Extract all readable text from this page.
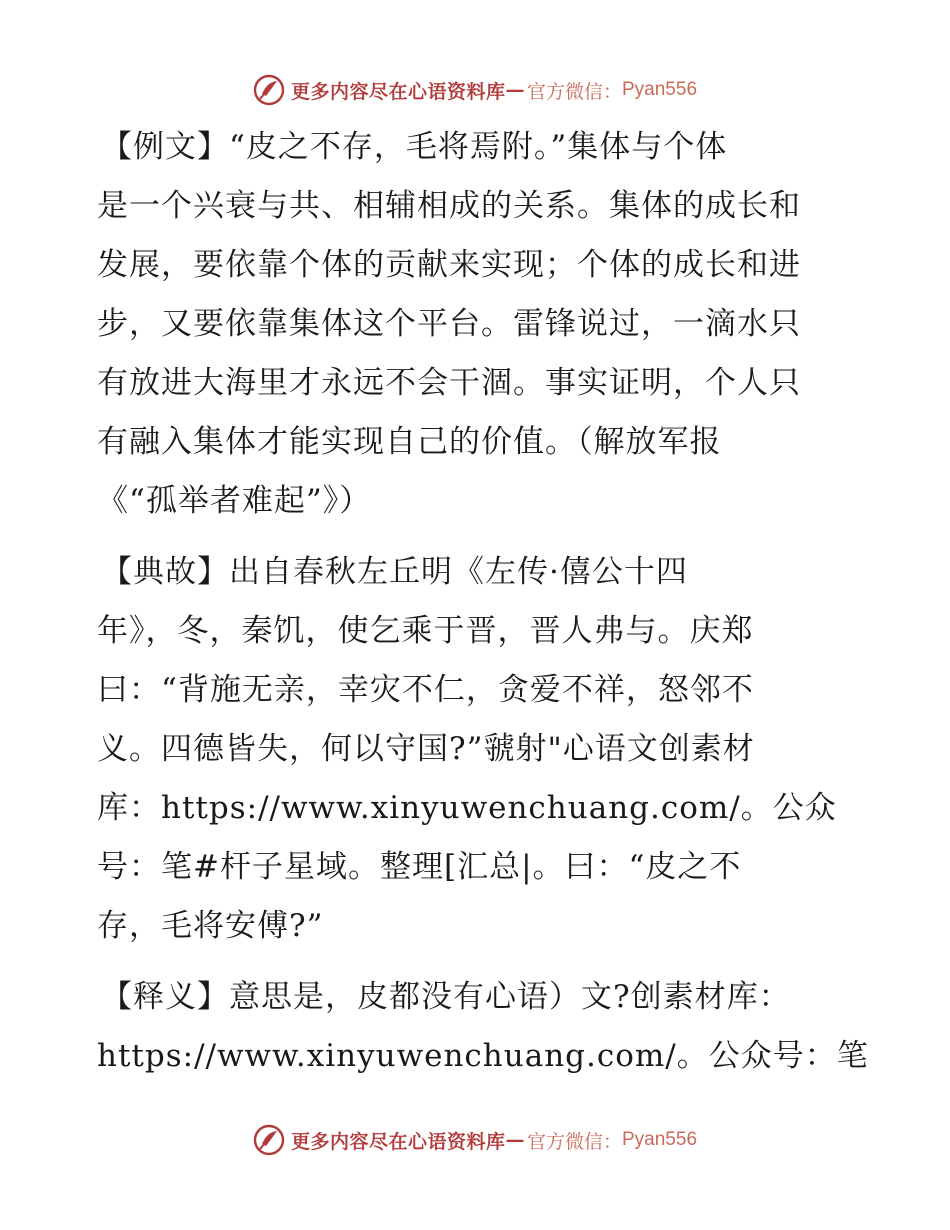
更多内容尽在心语资料库 — 官方微信： Pyan556

【例文】“皮之不存，毛将焉附。”集体与个体
是一个兴衰与共、相辅相成的关系。集体的成长和
发展，要依靠个体的贡献来实现；个体的成长和进
步，又要依靠集体这个平台。雷锋说过，一滴水只
有放进大海里才永远不会干涸。事实证明，个人只
有融入集体才能实现自己的价值。（解放军报
《“孤举者难起”》）

【典故】出自春秋左丘明《左传·僖公十四
年》，冬，秦饥，使乞乘于晋，晋人弗与。庆郑
曰：“背施无亲，幸灾不仁，贪爱不祥，怒邻不
义。四德皆失，何以守国?”虢射"心语文创素材
库：https://www.xinyuwenchuang.com/。公众
号：笔#杆子星域。整理[汇总|。曰：“皮之不
存，毛将安傅?”

【释义】意思是，皮都没有心语）文?创素材库：
https://www.xinyuwenchuang.com/。公众号：笔

更多内容尽在心语资料库 — 官方微信： Pyan556
